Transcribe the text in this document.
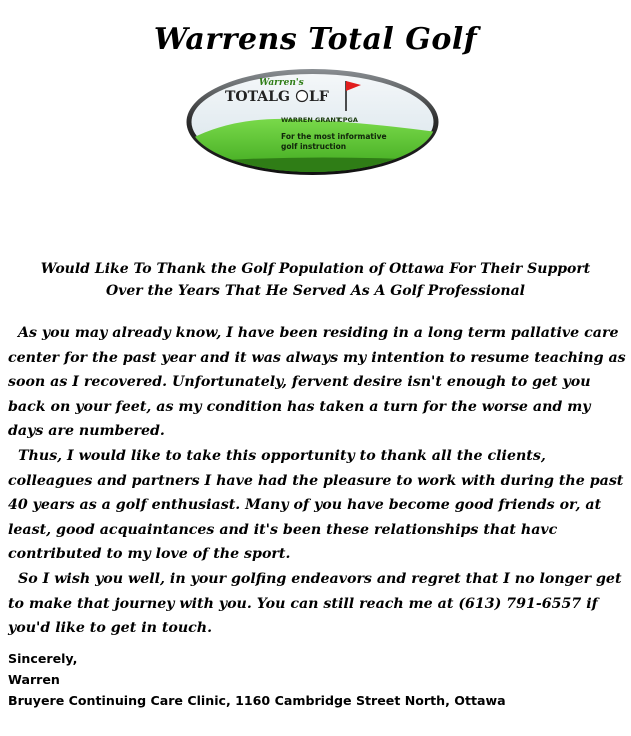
Warrens Total Golf
Warren's
TOTALG LF
WARREN GRANT
CPGA
For the most informative
golf instruction
Would Like To Thank the Golf Population of Ottawa For Their Support
Over the Years That He Served As A Golf Professional

As you may already know, I have been residing in a long term pallative care center for the past year and it was always my intention to resume teaching as soon as I recovered. Unfortunately, fervent desire isn't enough to get you back on your feet, as my condition has taken a turn for the worse and my days are numbered.

Thus, I would like to take this opportunity to thank all the clients, colleagues and partners I have had the pleasure to work with during the past 40 years as a golf enthusiast. Many of you have become good friends or, at least, good acquaintances and it's been these relationships that havc contributed to my love of the sport.

So I wish you well, in your golfing endeavors and regret that I no longer get to make that journey with you. You can still reach me at (613) 791-6557 if you'd like to get in touch.

Sincerely,
Warren
Bruyere Continuing Care Clinic, 1160 Cambridge Street North, Ottawa
